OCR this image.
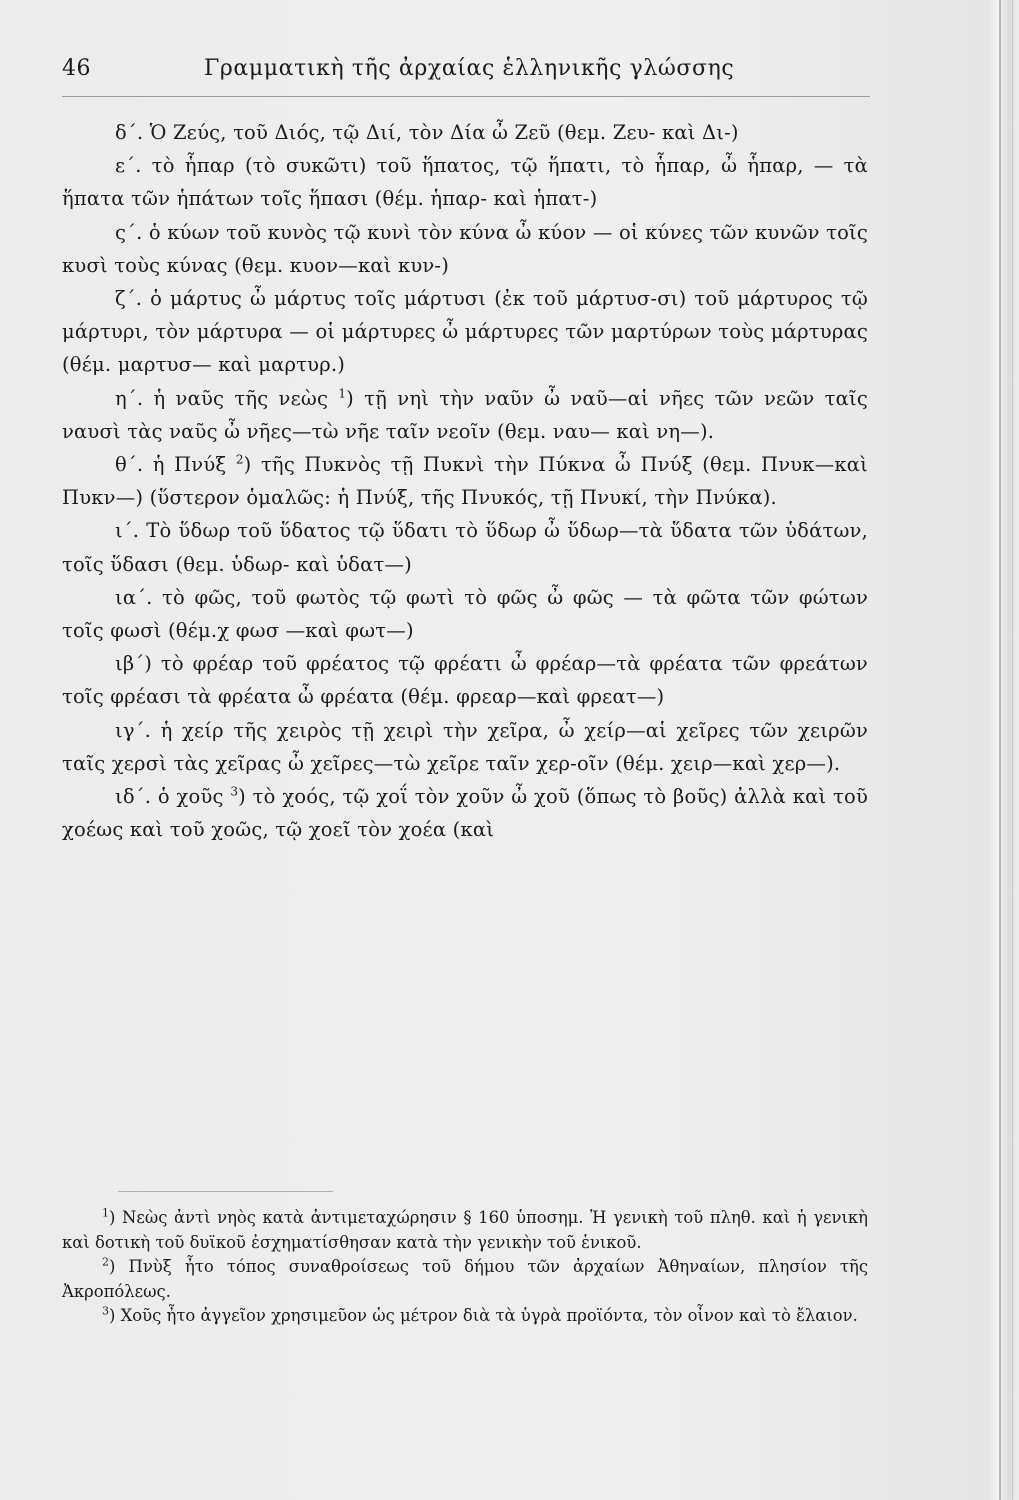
46	Γραμματικὴ τῆς ἀρχαίας ἑλληνικῆς γλώσσης

δ΄. Ὁ Ζεύς, τοῦ Διός, τῷ Διί, τὸν Δία ὦ Ζεῦ (θεμ. Ζευ- καὶ Δι-)

ε΄. τὸ ἧπαρ (τὸ συκῶτι) τοῦ ἥπατος, τῷ ἥπατι, τὸ ἧπαρ, ὦ ἧπαρ, — τὰ ἥπατα τῶν ἡπάτων τοῖς ἥπασι (θέμ. ἡπαρ- καὶ ἡπατ-)

ς΄. ὁ κύων τοῦ κυνὸς τῷ κυνὶ τὸν κύνα ὦ κύον — οἱ κύνες τῶν κυνῶν τοῖς κυσὶ τοὺς κύνας (θεμ. κυον—καὶ κυν-)

ζ΄. ὁ μάρτυς ὦ μάρτυς τοῖς μάρτυσι (ἐκ τοῦ μάρτυσ-σι) τοῦ μάρτυρος τῷ μάρτυρι, τὸν μάρτυρα — οἱ μάρτυρες ὦ μάρτυρες τῶν μαρτύρων τοὺς μάρτυρας (θέμ. μαρτυσ— καὶ μαρτυρ.)

η΄. ἡ ναῦς τῆς νεὼς $^1$) τῇ νηὶ τὴν ναῦν ὦ ναῦ—αἱ νῆες τῶν νεῶν ταῖς ναυσὶ τὰς ναῦς ὦ νῆες—τὼ νῆε ταῖν νεοῖν (θεμ. ναυ— καὶ νη—).

θ΄. ἡ Πνύξ $^2$) τῆς Πυκνὸς τῇ Πυκνὶ τὴν Πύκνα ὦ Πνύξ (θεμ. Πνυκ—καὶ Πυκν—) (ὕστερον ὁμαλῶς: ἡ Πνύξ, τῆς Πνυκός, τῇ Πνυκί, τὴν Πνύκα).

ι΄. Τὸ ὕδωρ τοῦ ὕδατος τῷ ὕδατι τὸ ὕδωρ ὦ ὕδωρ—τὰ ὕδατα τῶν ὑδάτων, τοῖς ὕδασι (θεμ. ὑδωρ- καὶ ὑδατ—)

ια΄. τὸ φῶς, τοῦ φωτὸς τῷ φωτὶ τὸ φῶς ὦ φῶς — τὰ φῶτα τῶν φώτων τοῖς φωσὶ (θέμ.χ φωσ —καὶ φωτ—)

ιβ΄) τὸ φρέαρ τοῦ φρέατος τῷ φρέατι ὦ φρέαρ—τὰ φρέατα τῶν φρεάτων τοῖς φρέασι τὰ φρέατα ὦ φρέατα (θέμ. φρεαρ—καὶ φρεατ—)

ιγ΄. ἡ χείρ τῆς χειρὸς τῇ χειρὶ τὴν χεῖρα, ὦ χείρ—αἱ χεῖρες τῶν χειρῶν ταῖς χερσὶ τὰς χεῖρας ὦ χεῖρες—τὼ χεῖρε ταῖν χερ-οῖν (θέμ. χειρ—καὶ χερ—).

ιδ΄. ὁ χοῦς $^3$) τὸ χοός, τῷ χοΐ τὸν χοῦν ὦ χοῦ (ὅπως τὸ βοῦς) ἀλλὰ καὶ τοῦ χοέως καὶ τοῦ χοῶς, τῷ χοεῖ τὸν χοέα (καὶ

$^1$) Νεὼς ἀντὶ νηὸς κατὰ ἀντιμεταχώρησιν § 160 ὑποσημ. Ἡ γενικὴ τοῦ πληθ. καὶ ἡ γενικὴ καὶ δοτικὴ τοῦ δυϊκοῦ ἐσχηματίσθησαν κατὰ τὴν γενικὴν τοῦ ἑνικοῦ.

$^2$) Πνὺξ ἦτο τόπος συναθροίσεως τοῦ δήμου τῶν ἀρχαίων Ἀθηναίων, πλησίον τῆς Ἀκροπόλεως.

$^3$) Χοῦς ἦτο ἀγγεῖον χρησιμεῦον ὡς μέτρον διὰ τὰ ὑγρὰ προϊόντα, τὸν οἶνον καὶ τὸ ἔλαιον.
